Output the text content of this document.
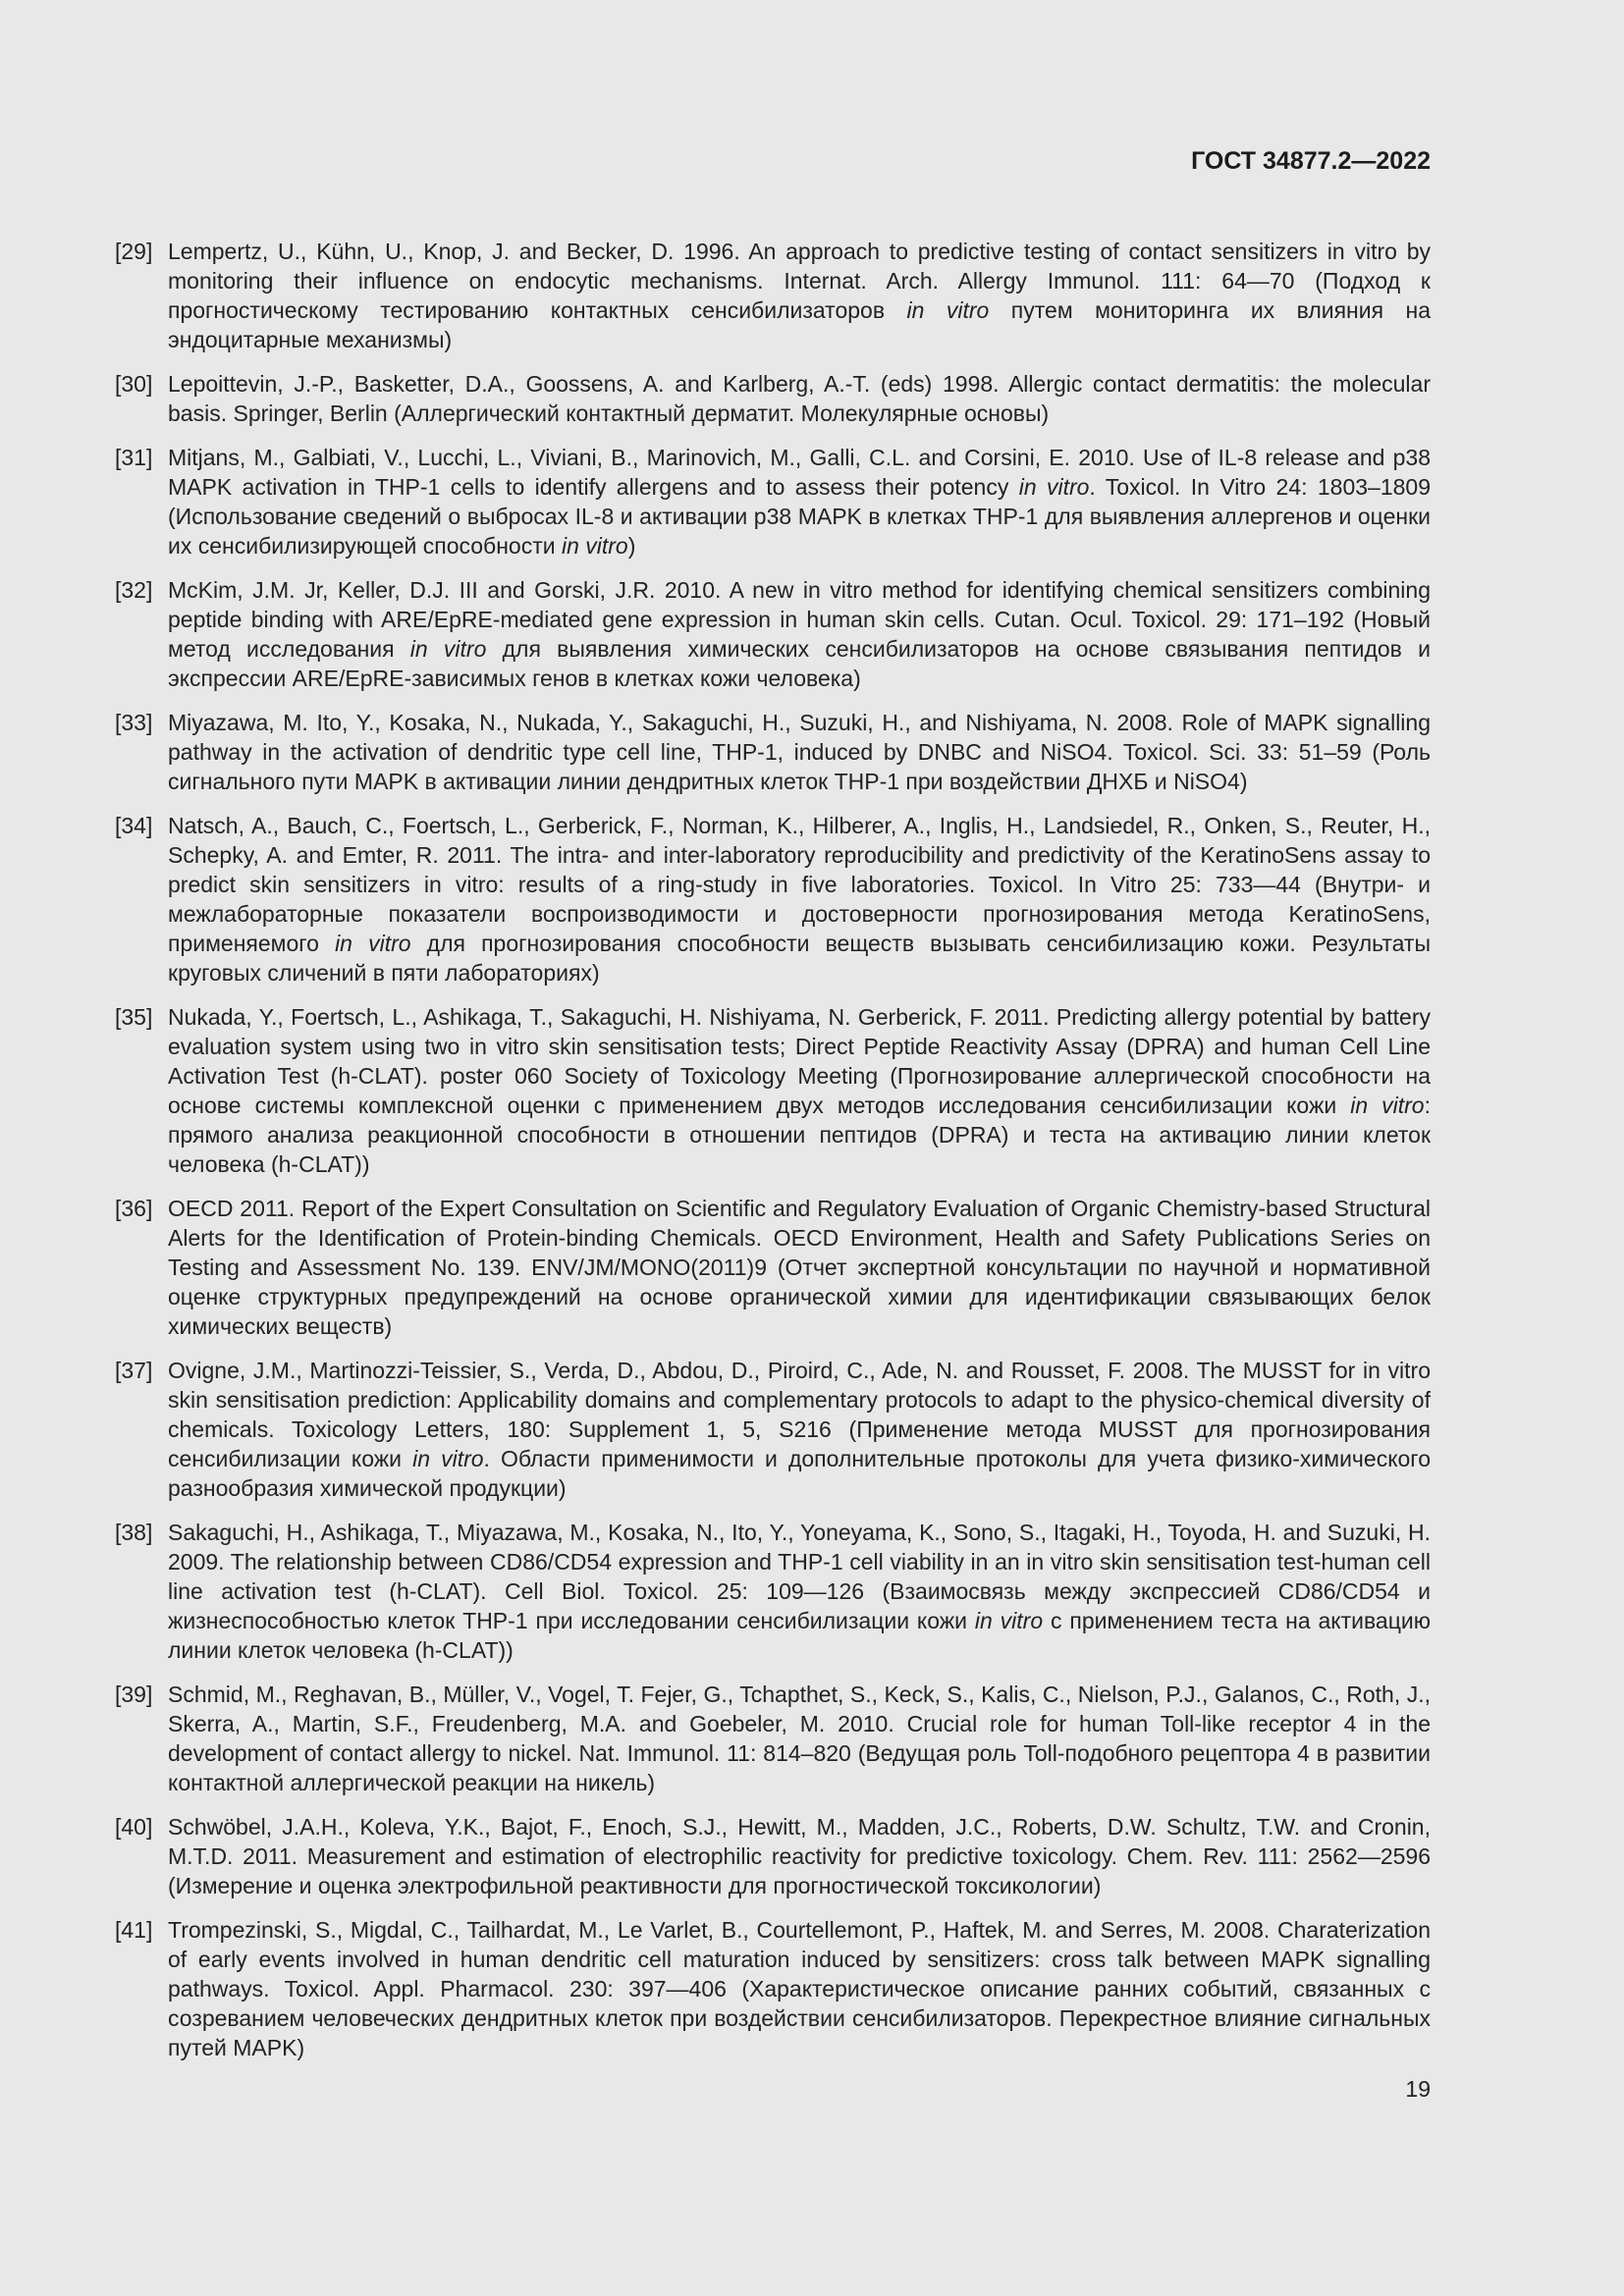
ГОСТ 34877.2—2022
[29] Lempertz, U., Kühn, U., Knop, J. and Becker, D. 1996. An approach to predictive testing of contact sensitizers in vitro by monitoring their influence on endocytic mechanisms. Internat. Arch. Allergy Immunol. 111: 64—70 (Подход к прогностическому тестированию контактных сенсибилизаторов in vitro путем мониторинга их влияния на эндоцитарные механизмы)
[30] Lepoittevin, J.-P., Basketter, D.A., Goossens, A. and Karlberg, A.-T. (eds) 1998. Allergic contact dermatitis: the molecular basis. Springer, Berlin (Аллергический контактный дерматит. Молекулярные основы)
[31] Mitjans, M., Galbiati, V., Lucchi, L., Viviani, B., Marinovich, M., Galli, C.L. and Corsini, E. 2010. Use of IL-8 release and p38 MAPK activation in THP-1 cells to identify allergens and to assess their potency in vitro. Toxicol. In Vitro 24: 1803–1809 (Использование сведений о выбросах IL-8 и активации p38 MAPK в клетках THP-1 для выявления аллергенов и оценки их сенсибилизирующей способности in vitro)
[32] McKim, J.M. Jr, Keller, D.J. III and Gorski, J.R. 2010. A new in vitro method for identifying chemical sensitizers combining peptide binding with ARE/EpRE-mediated gene expression in human skin cells. Cutan. Ocul. Toxicol. 29: 171–192 (Новый метод исследования in vitro для выявления химических сенсибилизаторов на основе связывания пептидов и экспрессии ARE/EpRE-зависимых генов в клетках кожи человека)
[33] Miyazawa, M. Ito, Y., Kosaka, N., Nukada, Y., Sakaguchi, H., Suzuki, H., and Nishiyama, N. 2008. Role of MAPK signalling pathway in the activation of dendritic type cell line, THP-1, induced by DNBC and NiSO4. Toxicol. Sci. 33: 51–59 (Роль сигнального пути MAPK в активации линии дендритных клеток THP-1 при воздействии ДНХБ и NiSO4)
[34] Natsch, A., Bauch, C., Foertsch, L., Gerberick, F., Norman, K., Hilberer, A., Inglis, H., Landsiedel, R., Onken, S., Reuter, H., Schepky, A. and Emter, R. 2011. The intra- and inter-laboratory reproducibility and predictivity of the KeratinoSens assay to predict skin sensitizers in vitro: results of a ring-study in five laboratories. Toxicol. In Vitro 25: 733—44 (Внутри- и межлабораторные показатели воспроизводимости и достоверности прогнозирования метода KeratinoSens, применяемого in vitro для прогнозирования способности веществ вызывать сенсибилизацию кожи. Результаты круговых сличений в пяти лабораториях)
[35] Nukada, Y., Foertsch, L., Ashikaga, T., Sakaguchi, H. Nishiyama, N. Gerberick, F. 2011. Predicting allergy potential by battery evaluation system using two in vitro skin sensitisation tests; Direct Peptide Reactivity Assay (DPRA) and human Cell Line Activation Test (h-CLAT). poster 060 Society of Toxicology Meeting (Прогнозирование аллергической способности на основе системы комплексной оценки с применением двух методов исследования сенсибилизации кожи in vitro: прямого анализа реакционной способности в отношении пептидов (DPRA) и теста на активацию линии клеток человека (h-CLAT))
[36] OECD 2011. Report of the Expert Consultation on Scientific and Regulatory Evaluation of Organic Chemistry-based Structural Alerts for the Identification of Protein-binding Chemicals. OECD Environment, Health and Safety Publications Series on Testing and Assessment No. 139. ENV/JM/MONO(2011)9 (Отчет экспертной консультации по научной и нормативной оценке структурных предупреждений на основе органической химии для идентификации связывающих белок химических веществ)
[37] Ovigne, J.M., Martinozzi-Teissier, S., Verda, D., Abdou, D., Piroird, C., Ade, N. and Rousset, F. 2008. The MUSST for in vitro skin sensitisation prediction: Applicability domains and complementary protocols to adapt to the physico-chemical diversity of chemicals. Toxicology Letters, 180: Supplement 1, 5, S216 (Применение метода MUSST для прогнозирования сенсибилизации кожи in vitro. Области применимости и дополнительные протоколы для учета физико-химического разнообразия химической продукции)
[38] Sakaguchi, H., Ashikaga, T., Miyazawa, M., Kosaka, N., Ito, Y., Yoneyama, K., Sono, S., Itagaki, H., Toyoda, H. and Suzuki, H. 2009. The relationship between CD86/CD54 expression and THP-1 cell viability in an in vitro skin sensitisation test-human cell line activation test (h-CLAT). Cell Biol. Toxicol. 25: 109—126 (Взаимосвязь между экспрессией CD86/CD54 и жизнеспособностью клеток THP-1 при исследовании сенсибилизации кожи in vitro с применением теста на активацию линии клеток человека (h-CLAT))
[39] Schmid, M., Reghavan, B., Müller, V., Vogel, T. Fejer, G., Tchapthet, S., Keck, S., Kalis, C., Nielson, P.J., Galanos, C., Roth, J., Skerra, A., Martin, S.F., Freudenberg, M.A. and Goebeler, M. 2010. Crucial role for human Toll-like receptor 4 in the development of contact allergy to nickel. Nat. Immunol. 11: 814–820 (Ведущая роль Toll-подобного рецептора 4 в развитии контактной аллергической реакции на никель)
[40] Schwöbel, J.A.H., Koleva, Y.K., Bajot, F., Enoch, S.J., Hewitt, M., Madden, J.C., Roberts, D.W. Schultz, T.W. and Cronin, M.T.D. 2011. Measurement and estimation of electrophilic reactivity for predictive toxicology. Chem. Rev. 111: 2562—2596 (Измерение и оценка электрофильной реактивности для прогностической токсикологии)
[41] Trompezinski, S., Migdal, C., Tailhardat, M., Le Varlet, B., Courtellemont, P., Haftek, M. and Serres, M. 2008. Charaterization of early events involved in human dendritic cell maturation induced by sensitizers: cross talk between MAPK signalling pathways. Toxicol. Appl. Pharmacol. 230: 397—406 (Характеристическое описание ранних событий, связанных с созреванием человеческих дендритных клеток при воздействии сенсибилизаторов. Перекрестное влияние сигнальных путей MAPK)
19
